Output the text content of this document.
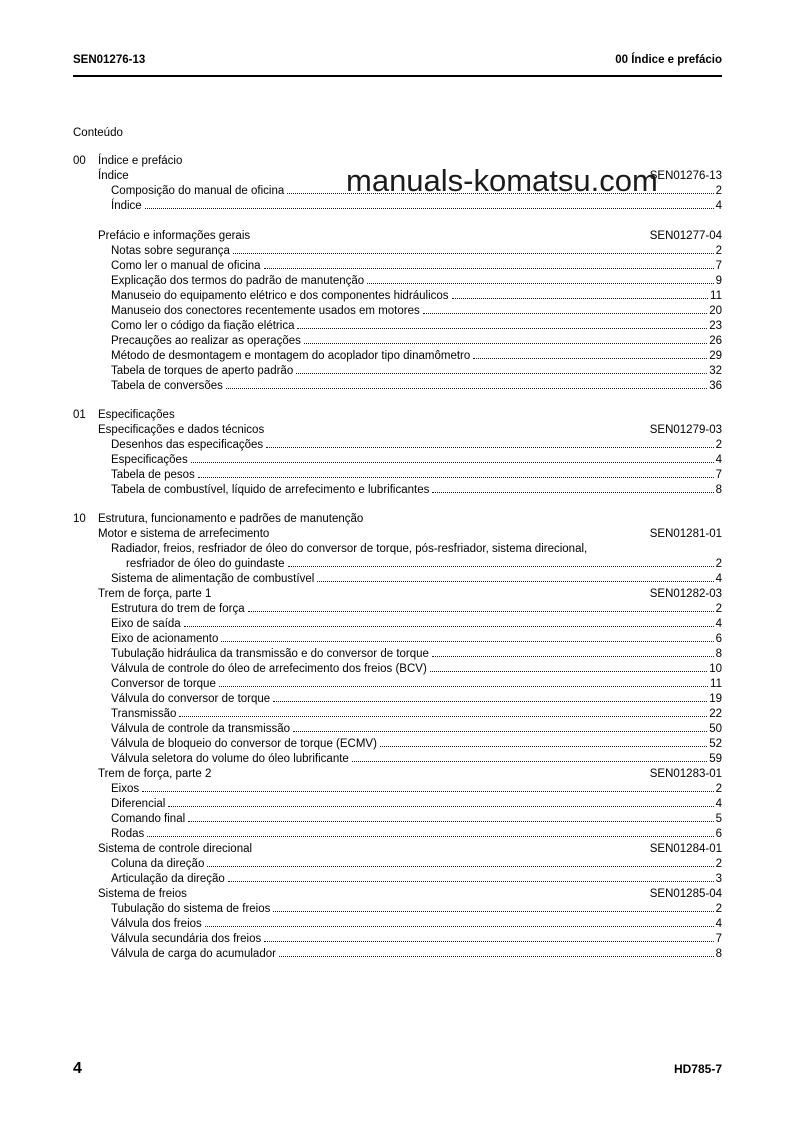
SEN01276-13	00 Índice e prefácio
manuals-komatsu.com
Conteúdo
00	Índice e prefácio
Índice	SEN01276-13
Composição do manual de oficina	2
Índice	4
Prefácio e informações gerais	SEN01277-04
Notas sobre segurança	2
Como ler o manual de oficina	7
Explicação dos termos do padrão de manutenção	9
Manuseio do equipamento elétrico e dos componentes hidráulicos	11
Manuseio dos conectores recentemente usados em motores	20
Como ler o código da fiação elétrica	23
Precauções ao realizar as operações	26
Método de desmontagem e montagem do acoplador tipo dinamômetro	29
Tabela de torques de aperto padrão	32
Tabela de conversões	36
01	Especificações
Especificações e dados técnicos	SEN01279-03
Desenhos das especificações	2
Especificações	4
Tabela de pesos	7
Tabela de combustível, líquido de arrefecimento e lubrificantes	8
10	Estrutura, funcionamento e padrões de manutenção
Motor e sistema de arrefecimento	SEN01281-01
Radiador, freios, resfriador de óleo do conversor de torque, pós-resfriador, sistema direcional,
resfriador de óleo do guindaste	2
Sistema de alimentação de combustível	4
Trem de força, parte 1	SEN01282-03
Estrutura do trem de força	2
Eixo de saída	4
Eixo de acionamento	6
Tubulação hidráulica da transmissão e do conversor de torque	8
Válvula de controle do óleo de arrefecimento dos freios (BCV)	10
Conversor de torque	11
Válvula do conversor de torque	19
Transmissão	22
Válvula de controle da transmissão	50
Válvula de bloqueio do conversor de torque (ECMV)	52
Válvula seletora do volume do óleo lubrificante	59
Trem de força, parte 2	SEN01283-01
Eixos	2
Diferencial	4
Comando final	5
Rodas	6
Sistema de controle direcional	SEN01284-01
Coluna da direção	2
Articulação da direção	3
Sistema de freios	SEN01285-04
Tubulação do sistema de freios	2
Válvula dos freios	4
Válvula secundária dos freios	7
Válvula de carga do acumulador	8
4	HD785-7
